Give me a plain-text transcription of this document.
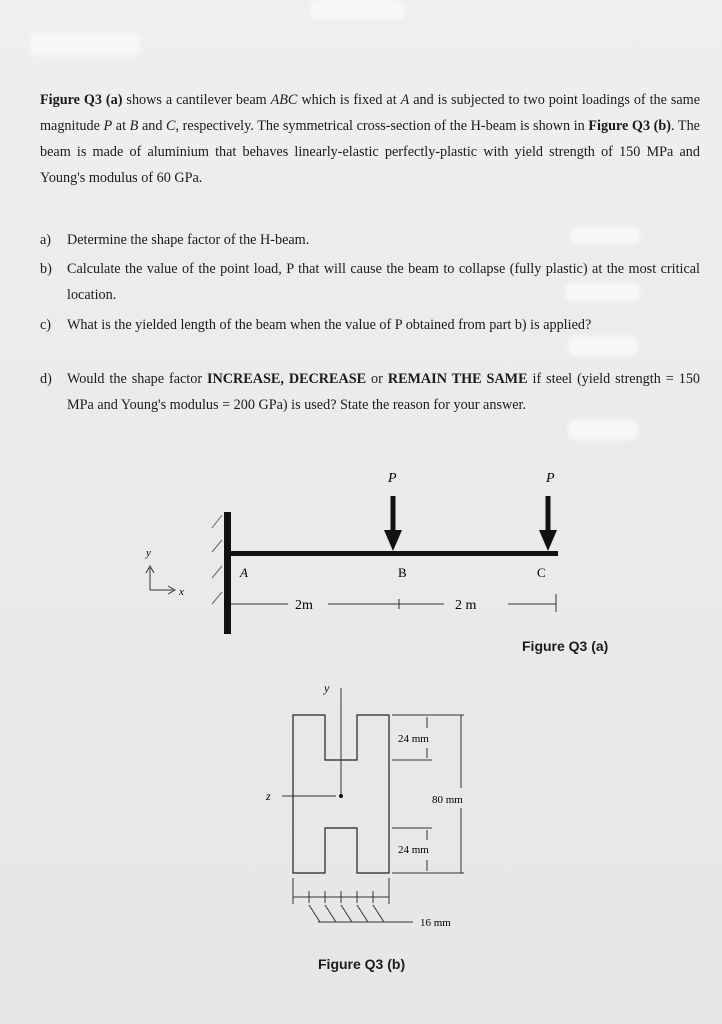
Figure Q3 (a) shows a cantilever beam ABC which is fixed at A and is subjected to two point loadings of the same magnitude P at B and C, respectively. The symmetrical cross-section of the H-beam is shown in Figure Q3 (b). The beam is made of aluminium that behaves linearly-elastic perfectly-plastic with yield strength of 150 MPa and Young's modulus of 60 GPa.

a)	Determine the shape factor of the H-beam.
b)	Calculate the value of the point load, P that will cause the beam to collapse (fully plastic) at the most critical location.
c)	What is the yielded length of the beam when the value of P obtained from part b) is applied?
d)	Would the shape factor INCREASE, DECREASE or REMAIN THE SAME if steel (yield strength = 150 MPa and Young's modulus = 200 GPa) is used? State the reason for your answer.
P	P
A	B	C
y
x
2m	2 m
Figure Q3 (a)
y
z
24 mm
80 mm
24 mm
16 mm
Figure Q3 (b)
